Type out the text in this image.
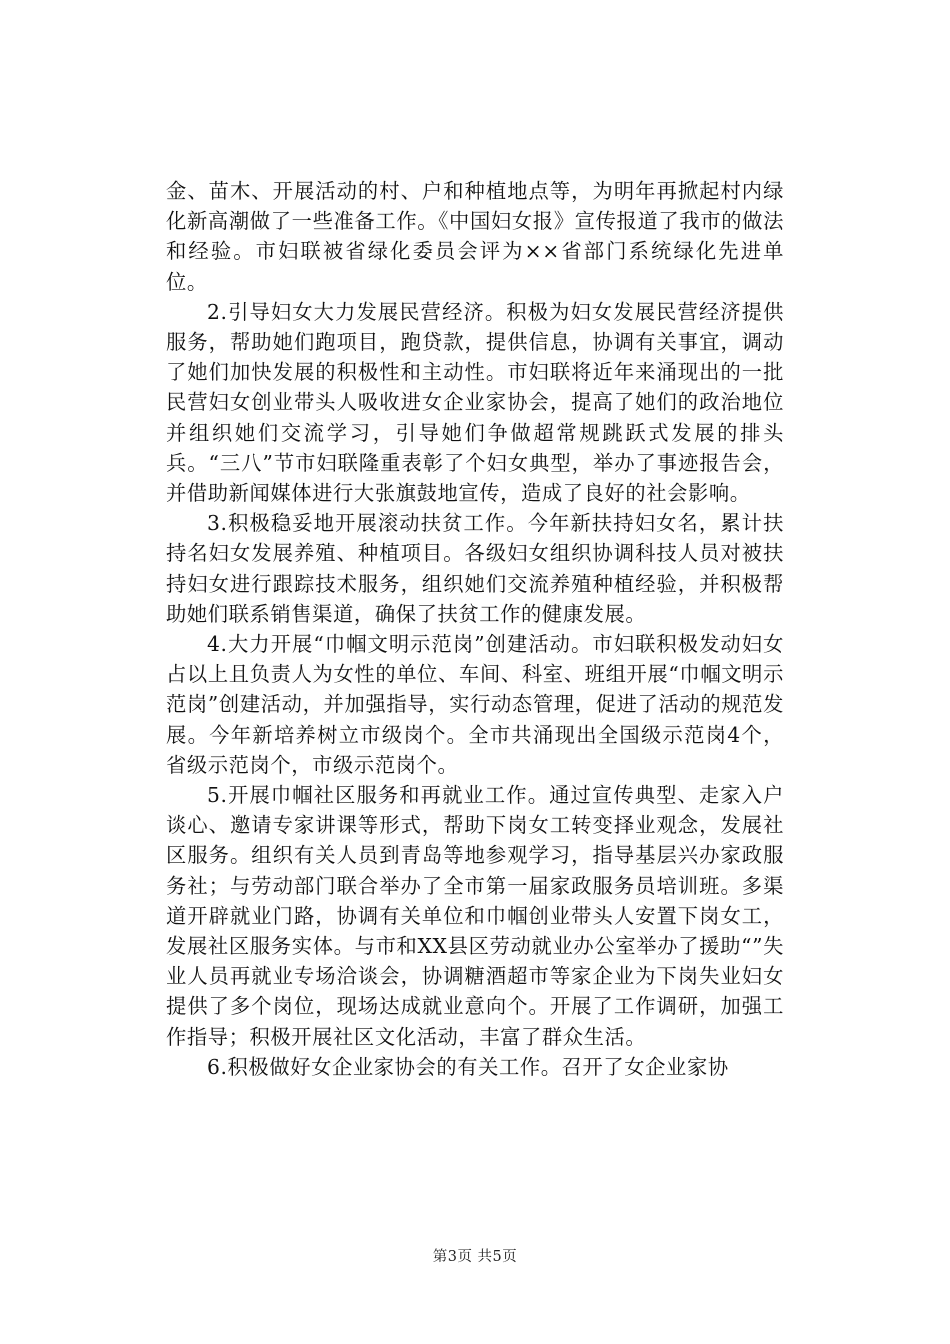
金、苗木、开展活动的村、户和种植地点等，为明年再掀起村内绿化新高潮做了一些准备工作。《中国妇女报》宣传报道了我市的做法和经验。市妇联被省绿化委员会评为××省部门系统绿化先进单位。

2.引导妇女大力发展民营经济。积极为妇女发展民营经济提供服务，帮助她们跑项目，跑贷款，提供信息，协调有关事宜，调动了她们加快发展的积极性和主动性。市妇联将近年来涌现出的一批民营妇女创业带头人吸收进女企业家协会，提高了她们的政治地位并组织她们交流学习，引导她们争做超常规跳跃式发展的排头兵。“三八”节市妇联隆重表彰了个妇女典型，举办了事迹报告会，并借助新闻媒体进行大张旗鼓地宣传，造成了良好的社会影响。

3.积极稳妥地开展滚动扶贫工作。今年新扶持妇女名，累计扶持名妇女发展养殖、种植项目。各级妇女组织协调科技人员对被扶持妇女进行跟踪技术服务，组织她们交流养殖种植经验，并积极帮助她们联系销售渠道，确保了扶贫工作的健康发展。

4.大力开展“巾帼文明示范岗”创建活动。市妇联积极发动妇女占以上且负责人为女性的单位、车间、科室、班组开展“巾帼文明示范岗”创建活动，并加强指导，实行动态管理，促进了活动的规范发展。今年新培养树立市级岗个。全市共涌现出全国级示范岗4个，省级示范岗个，市级示范岗个。

5.开展巾帼社区服务和再就业工作。通过宣传典型、走家入户谈心、邀请专家讲课等形式，帮助下岗女工转变择业观念，发展社区服务。组织有关人员到青岛等地参观学习，指导基层兴办家政服务社；与劳动部门联合举办了全市第一届家政服务员培训班。多渠道开辟就业门路，协调有关单位和巾帼创业带头人安置下岗女工，发展社区服务实体。与市和XX县区劳动就业办公室举办了援助“”失业人员再就业专场洽谈会，协调糖酒超市等家企业为下岗失业妇女提供了多个岗位，现场达成就业意向个。开展了工作调研，加强工作指导；积极开展社区文化活动，丰富了群众生活。

6.积极做好女企业家协会的有关工作。召开了女企业家协

第3页 共5页
